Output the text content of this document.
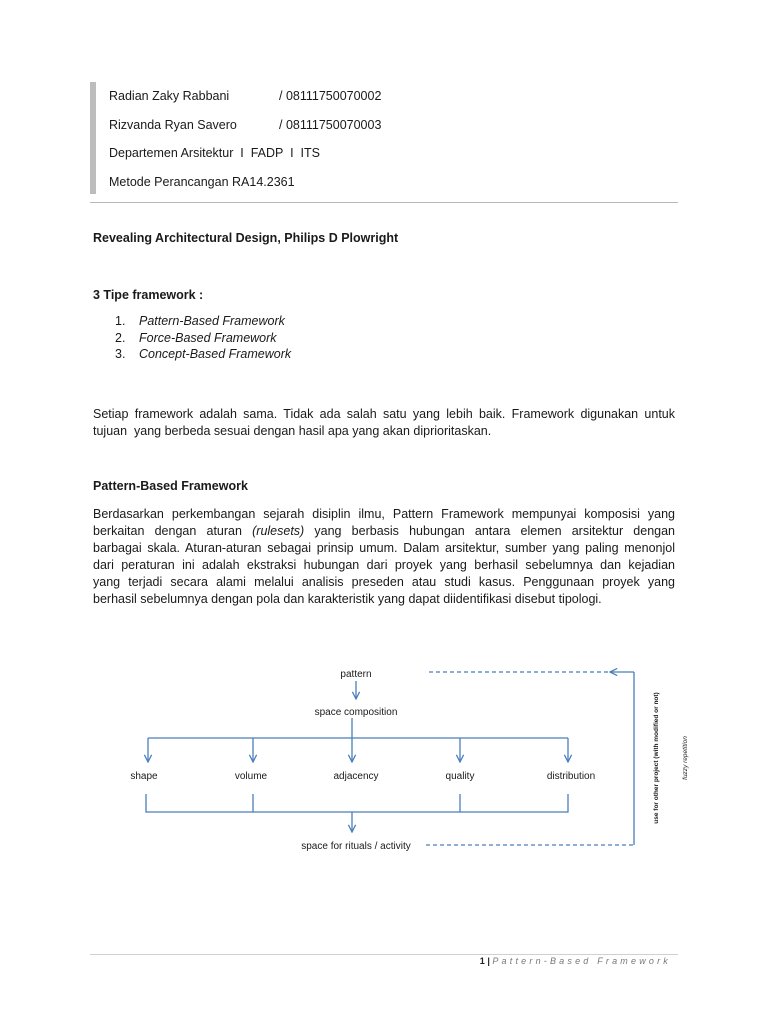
Radian Zaky Rabbani	/ 08111750070002
Rizvanda Ryan Savero	/ 08111750070003
Departemen Arsitektur  I  FADP  I  ITS
Metode Perancangan RA14.2361
Revealing Architectural Design, Philips D Plowright
3 Tipe framework :
1. Pattern-Based Framework
2. Force-Based Framework
3. Concept-Based Framework
Setiap framework adalah sama. Tidak ada salah satu yang lebih baik. Framework digunakan untuk
tujuan  yang berbeda sesuai dengan hasil apa yang akan diprioritaskan.
Pattern-Based Framework
Berdasarkan perkembangan sejarah disiplin ilmu, Pattern Framework mempunyai komposisi yang
berkaitan dengan aturan (rulesets) yang berbasis hubungan antara elemen arsitektur dengan
barbagai skala. Aturan-aturan sebagai prinsip umum. Dalam arsitektur, sumber yang paling menonjol
dari peraturan ini adalah ekstraksi hubungan dari proyek yang berhasil sebelumnya dan kejadian
yang terjadi secara alami melalui analisis preseden atau studi kasus. Penggunaan proyek yang
berhasil sebelumnya dengan pola dan karakteristik yang dapat diidentifikasi disebut tipologi.
pattern
space composition
shape	volume	adjacency	quality	distribution
space for rituals / activity
use for other project (with modified or not)	fuzzy repetition
1 | Pattern-Based Framework
